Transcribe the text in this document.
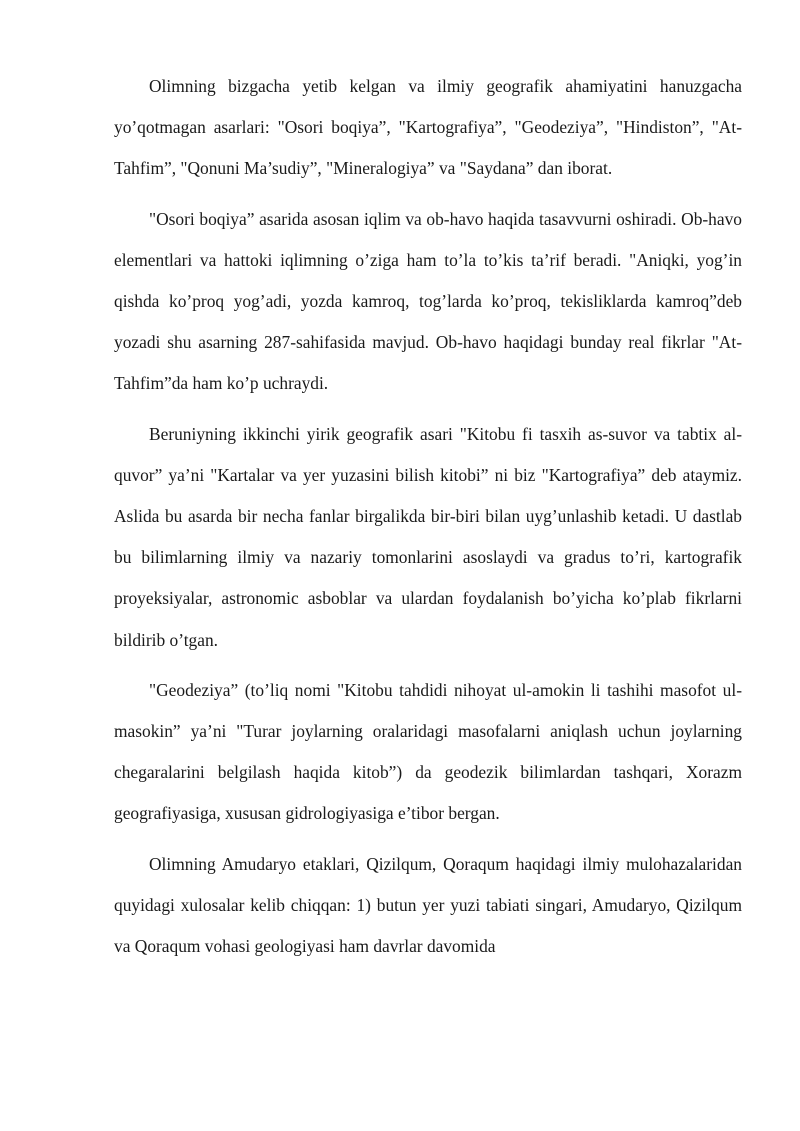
Olimning bizgacha yetib kelgan va ilmiy geografik ahamiyatini hanuzgacha yo’qotmagan asarlari: "Osori boqiya”, "Kartografiya”, "Geodeziya”, "Hindiston”, "At-Tahfim”, "Qonuni Ma’sudiy”, "Mineralogiya” va "Saydana” dan iborat.

"Osori boqiya” asarida asosan iqlim va ob-havo haqida tasavvurni oshiradi. Ob-havo elementlari va hattoki iqlimning o’ziga ham to’la to’kis ta’rif beradi. "Aniqki, yog’in qishda ko’proq yog’adi, yozda kamroq, tog’larda ko’proq, tekisliklarda kamroq”deb yozadi shu asarning 287-sahifasida mavjud. Ob-havo haqidagi bunday real fikrlar "At-Tahfim”da ham ko’p uchraydi.

Beruniyning ikkinchi yirik geografik asari "Kitobu fi tasxih as-suvor va tabtix al-quvor” ya’ni "Kartalar va yer yuzasini bilish kitobi” ni biz "Kartografiya” deb ataymiz. Aslida bu asarda bir necha fanlar birgalikda bir-biri bilan uyg’unlashib ketadi. U dastlab bu bilimlarning ilmiy va nazariy tomonlarini asoslaydi va gradus to’ri, kartografik proyeksiyalar, astronomic asboblar va ulardan foydalanish bo’yicha ko’plab fikrlarni bildirib o’tgan.

"Geodeziya” (to’liq nomi "Kitobu tahdidi nihoyat ul-amokin li tashihi masofot ul-masokin” ya’ni "Turar joylarning oralaridagi masofalarni aniqlash uchun joylarning chegaralarini belgilash haqida kitob”) da geodezik bilimlardan tashqari, Xorazm geografiyasiga, xususan gidrologiyasiga e’tibor bergan.

Olimning Amudaryo etaklari, Qizilqum, Qoraqum haqidagi ilmiy mulohazalaridan quyidagi xulosalar kelib chiqqan: 1) butun yer yuzi tabiati singari, Amudaryo, Qizilqum va Qoraqum vohasi geologiyasi ham davrlar davomida
